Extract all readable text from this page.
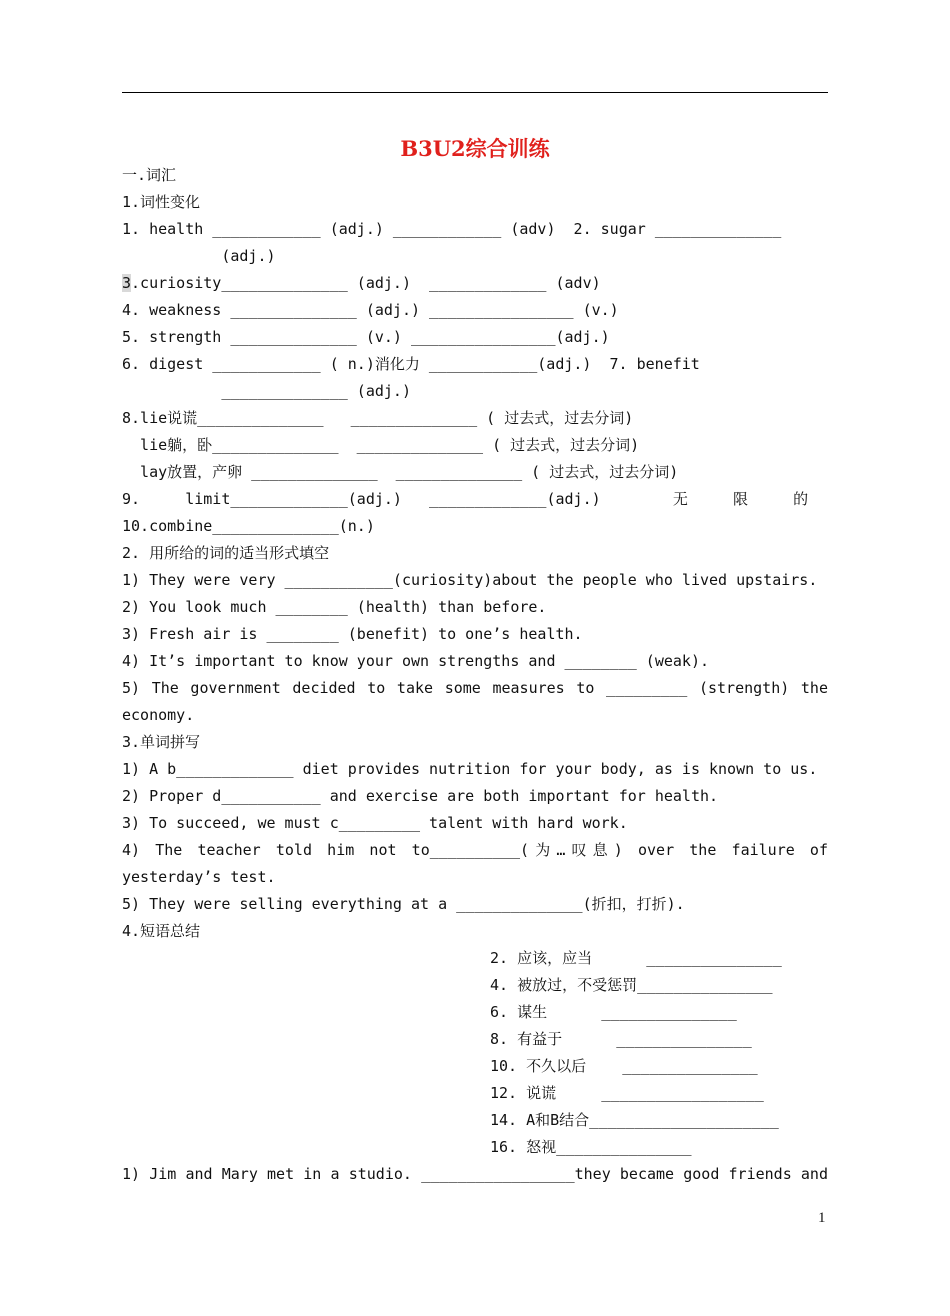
B3U2综合训练
一.词汇
1.词性变化
1. health ____________ (adj.) ____________ (adv)  2. sugar ______________
(adj.)
3.curiosity______________ (adj.)  _____________ (adv)
4. weakness ______________ (adj.) ________________ (v.)
5. strength ______________ (v.) ________________(adj.)
6. digest ____________ ( n.)消化力 ____________(adj.)  7. benefit
______________ (adj.)
8.lie说谎______________   ______________ ( 过去式，过去分词)
lie躺，卧______________  ______________ ( 过去式，过去分词)
lay放置，产卵 ______________  ______________ ( 过去式，过去分词)
9.     limit_____________(adj.)   _____________(adj.)        无     限     的
10.combine______________(n.)
2. 用所给的词的适当形式填空
1) They were very ____________(curiosity)about the people who lived upstairs.
2) You look much ________ (health) than before.
3) Fresh air is ________ (benefit) to one’s health.
4) It’s important to know your own strengths and ________ (weak).
5) The government decided to take some measures to _________ (strength) the
economy.
3.单词拼写
1) A b_____________ diet provides nutrition for your body, as is known to us.
2) Proper d___________ and exercise are both important for health.
3) To succeed, we must c_________ talent with hard work.
4) The teacher told him not to__________(为…叹息) over the failure of
yesterday’s test.
5) They were selling everything at a ______________(折扣，打折).
4.短语总结

2. 应该，应当      _______________

4. 被放过，不受惩罚_______________

6. 谋生      _______________

8. 有益于      _______________

10. 不久以后    _______________

12. 说谎     __________________

14. A和B结合_____________________

16. 怒视_______________

1) Jim and Mary met in a studio. _________________they became good friends and
1
